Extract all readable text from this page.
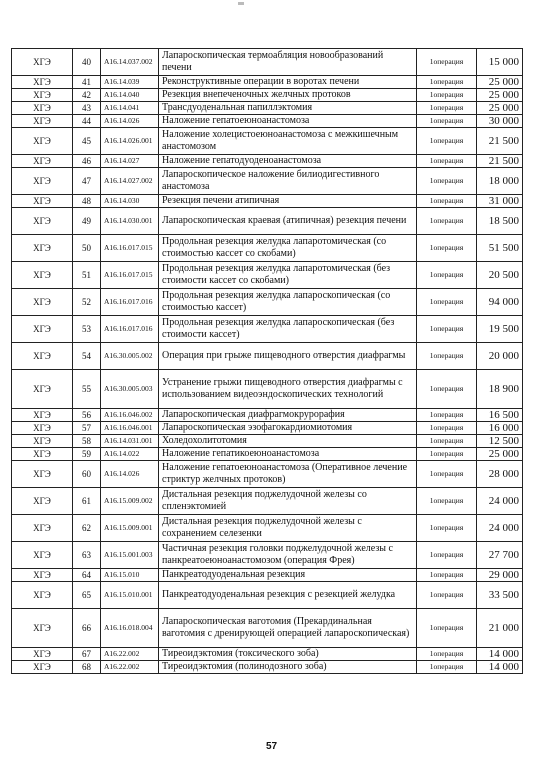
ХГЭ	40	A16.14.037.002	Лапароскопическая термоабляция новообразований печени	1операция	15 000
ХГЭ	41	A16.14.039	Реконструктивные операции в воротах печени	1операция	25 000
ХГЭ	42	A16.14.040	Резекция внепеченочных желчных протоков	1операция	25 000
ХГЭ	43	A16.14.041	Трансдуоденальная папиллэктомия	1операция	25 000
ХГЭ	44	A16.14.026	Наложение гепатоеюноанастомоза	1операция	30 000
ХГЭ	45	A16.14.026.001	Наложение холецистоеюноанастомоза с межкишечным анастомозом	1операция	21 500
ХГЭ	46	A16.14.027	Наложение гепатодуоденоанастомоза	1операция	21 500
ХГЭ	47	A16.14.027.002	Лапароскопическое наложение билиодигестивного анастомоза	1операция	18 000
ХГЭ	48	A16.14.030	Резекция печени атипичная	1операция	31 000
ХГЭ	49	A16.14.030.001	Лапароскопическая краевая (атипичная) резекция печени	1операция	18 500
ХГЭ	50	A16.16.017.015	Продольная резекция желудка лапаротомическая (со стоимостью кассет со скобами)	1операция	51 500
ХГЭ	51	A16.16.017.015	Продольная резекция желудка лапаротомическая (без стоимости кассет со скобами)	1операция	20 500
ХГЭ	52	A16.16.017.016	Продольная резекция желудка лапароскопическая (со стоимостью кассет)	1операция	94 000
ХГЭ	53	A16.16.017.016	Продольная резекция желудка лапароскопическая (без стоимости кассет)	1операция	19 500
ХГЭ	54	A16.30.005.002	Операция при грыже пищеводного отверстия диафрагмы	1операция	20 000
ХГЭ	55	A16.30.005.003	Устранение грыжи пищеводного отверстия диафрагмы с использованием видеоэндоскопических технологий	1операция	18 900
ХГЭ	56	A16.16.046.002	Лапароскопическая диафрагмокрурорафия	1операция	16 500
ХГЭ	57	A16.16.046.001	Лапароскопическая эзофагокардиомиотомия	1операция	16 000
ХГЭ	58	A16.14.031.001	Холедохолитотомия	1операция	12 500
ХГЭ	59	A16.14.022	Наложение гепатикоеюноанастомоза	1операция	25 000
ХГЭ	60	A16.14.026	Наложение гепатоеюноанастомоза (Оперативное лечение стриктур желчных протоков)	1операция	28 000
ХГЭ	61	A16.15.009.002	Дистальная резекция поджелудочной железы со спленэктомией	1операция	24 000
ХГЭ	62	A16.15.009.001	Дистальная резекция поджелудочной железы с сохранением селезенки	1операция	24 000
ХГЭ	63	A16.15.001.003	Частичная резекция головки поджелудочной железы с панкреатоеюноанастомозом (операция Фрея)	1операция	27 700
ХГЭ	64	A16.15.010	Панкреатодуоденальная резекция	1операция	29 000
ХГЭ	65	A16.15.010.001	Панкреатодуоденальная резекция с резекцией желудка	1операция	33 500
ХГЭ	66	A16.16.018.004	Лапароскопическая ваготомия (Прекардинальная ваготомия с дренирующей операцией лапароскопическая)	1операция	21 000
ХГЭ	67	A16.22.002	Тиреоидэктомия (токсического зоба)	1операция	14 000
ХГЭ	68	A16.22.002	Тиреоидэктомия (полинодозного зоба)	1операция	14 000
57
